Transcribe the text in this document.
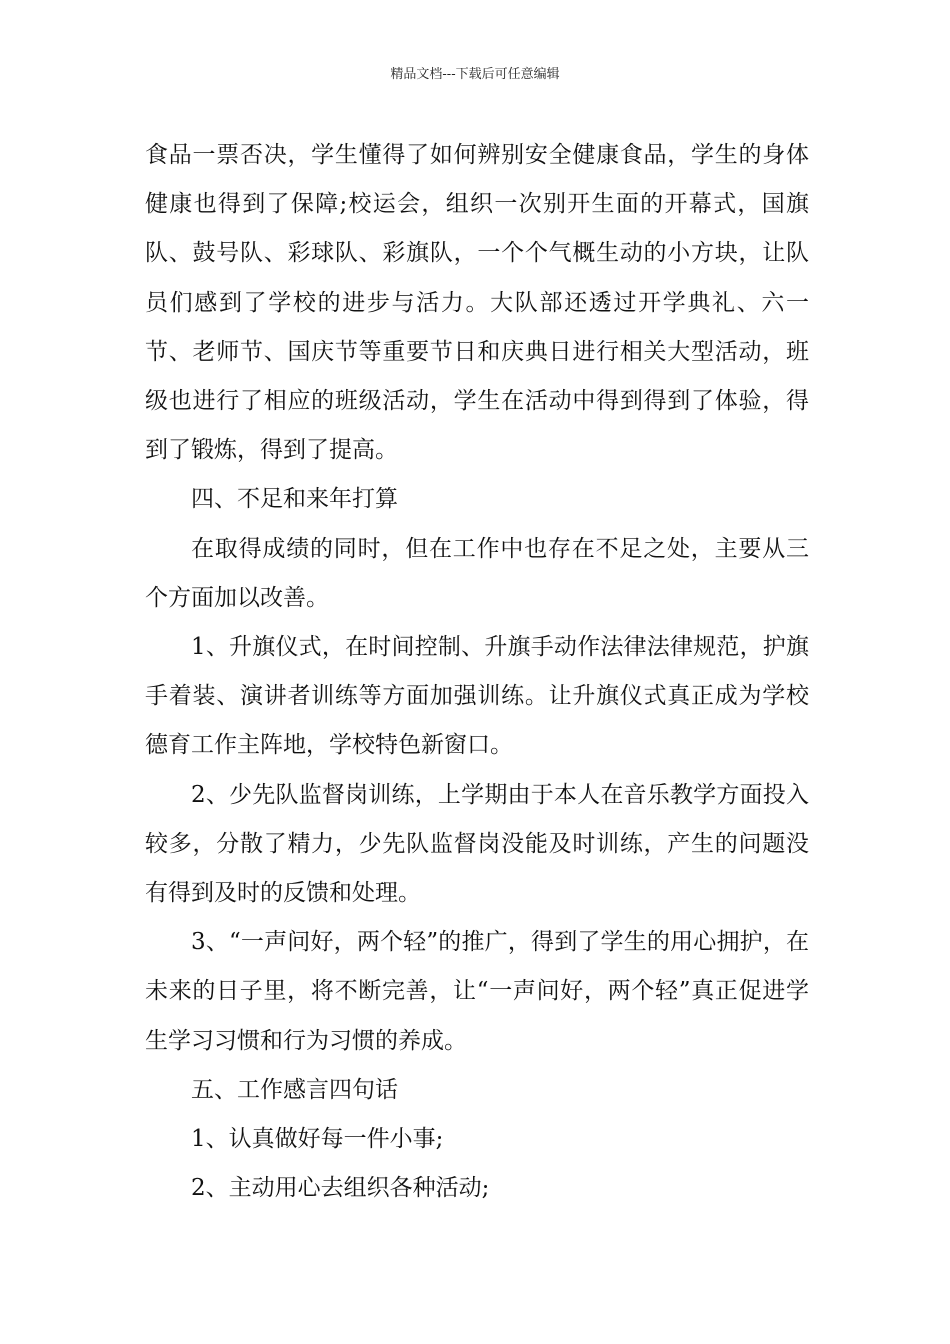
精品文档---下载后可任意编辑

食品一票否决，学生懂得了如何辨别安全健康食品，学生的身体健康也得到了保障;校运会，组织一次别开生面的开幕式，国旗队、鼓号队、彩球队、彩旗队，一个个气概生动的小方块，让队员们感到了学校的进步与活力。大队部还透过开学典礼、六一节、老师节、国庆节等重要节日和庆典日进行相关大型活动，班级也进行了相应的班级活动，学生在活动中得到得到了体验，得到了锻炼，得到了提高。

四、不足和来年打算

在取得成绩的同时，但在工作中也存在不足之处，主要从三个方面加以改善。

1、升旗仪式，在时间控制、升旗手动作法律法律规范，护旗手着装、演讲者训练等方面加强训练。让升旗仪式真正成为学校德育工作主阵地，学校特色新窗口。

2、少先队监督岗训练，上学期由于本人在音乐教学方面投入较多，分散了精力，少先队监督岗没能及时训练，产生的问题没有得到及时的反馈和处理。

3、“一声问好，两个轻”的推广，得到了学生的用心拥护，在未来的日子里，将不断完善，让“一声问好，两个轻”真正促进学生学习习惯和行为习惯的养成。

五、工作感言四句话

1、认真做好每一件小事;

2、主动用心去组织各种活动;
